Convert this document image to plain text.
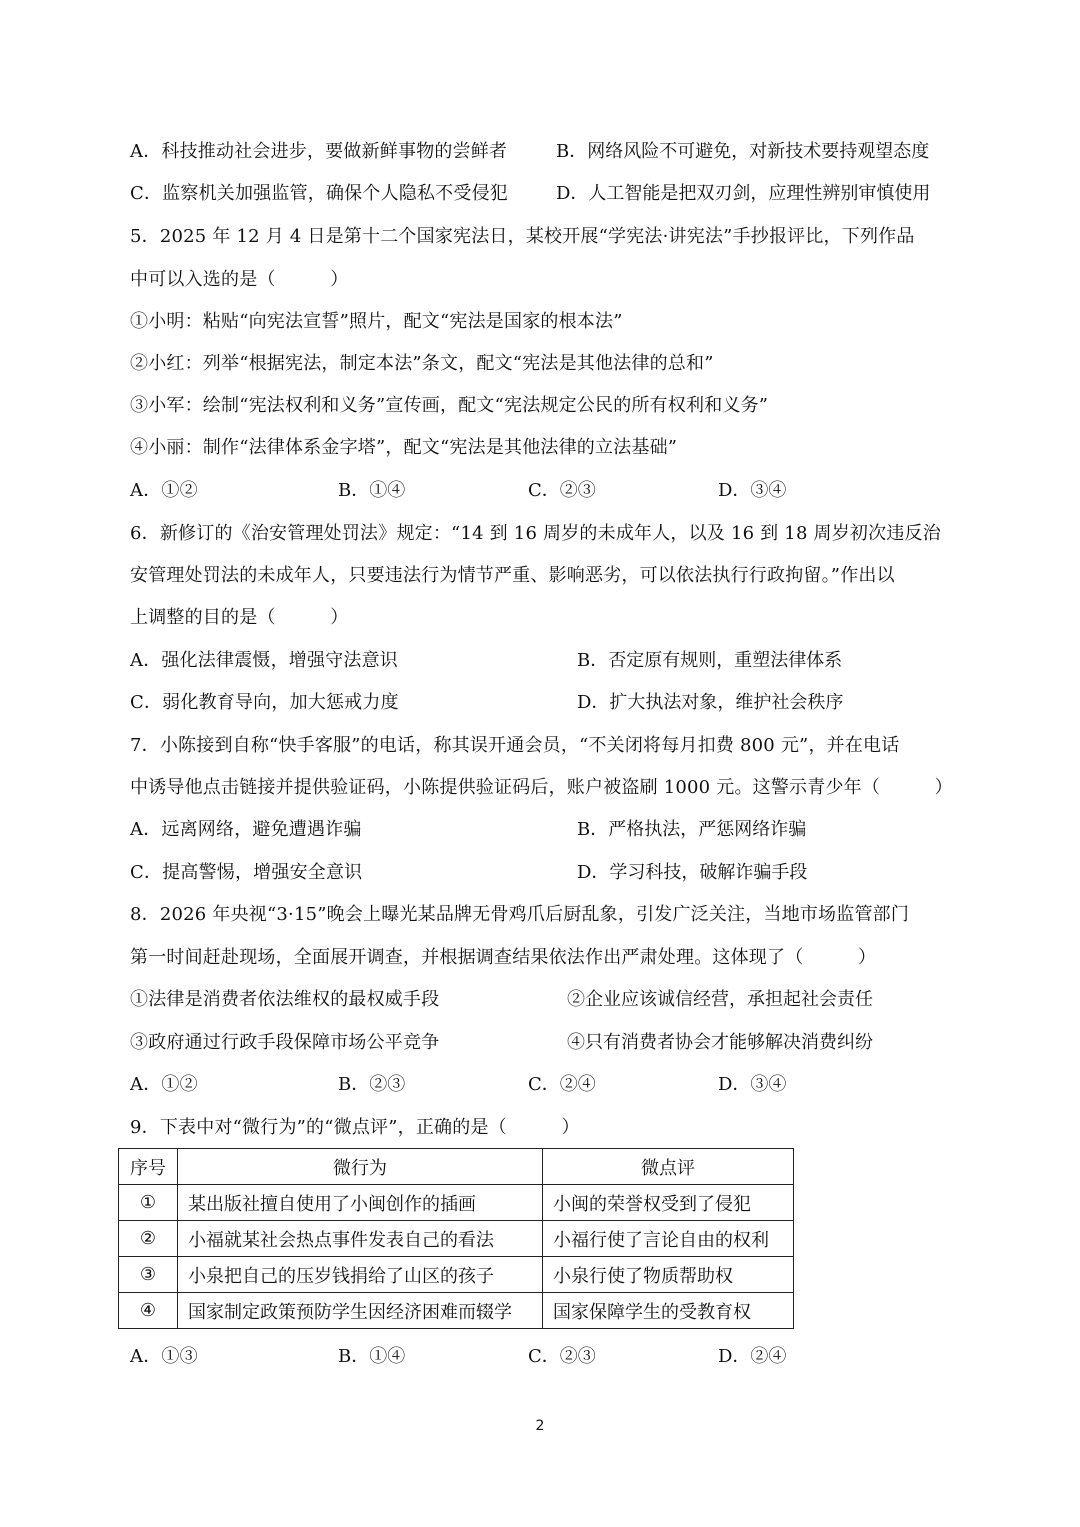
A．科技推动社会进步，要做新鲜事物的尝鲜者	B．网络风险不可避免，对新技术要持观望态度
C．监察机关加强监管，确保个人隐私不受侵犯	D．人工智能是把双刃剑，应理性辨别审慎使用
5．2025 年 12 月 4 日是第十二个国家宪法日，某校开展“学宪法·讲宪法”手抄报评比，下列作品
中可以入选的是（　　　）
①小明：粘贴“向宪法宣誓”照片，配文“宪法是国家的根本法”
②小红：列举“根据宪法，制定本法”条文，配文“宪法是其他法律的总和”
③小军：绘制“宪法权利和义务”宣传画，配文“宪法规定公民的所有权利和义务”
④小丽：制作“法律体系金字塔”，配文“宪法是其他法律的立法基础”
A．①②	B．①④	C．②③	D．③④
6．新修订的《治安管理处罚法》规定：“14 到 16 周岁的未成年人，以及 16 到 18 周岁初次违反治
安管理处罚法的未成年人，只要违法行为情节严重、影响恶劣，可以依法执行行政拘留。”作出以
上调整的目的是（　　　）
A．强化法律震慑，增强守法意识	B．否定原有规则，重塑法律体系
C．弱化教育导向，加大惩戒力度	D．扩大执法对象，维护社会秩序
7．小陈接到自称“快手客服”的电话，称其误开通会员，“不关闭将每月扣费 800 元”，并在电话
中诱导他点击链接并提供验证码，小陈提供验证码后，账户被盗刷 1000 元。这警示青少年（　　　）
A．远离网络，避免遭遇诈骗	B．严格执法，严惩网络诈骗
C．提高警惕，增强安全意识	D．学习科技，破解诈骗手段
8．2026 年央视“3·15”晚会上曝光某品牌无骨鸡爪后厨乱象，引发广泛关注，当地市场监管部门
第一时间赶赴现场，全面展开调查，并根据调查结果依法作出严肃处理。这体现了（　　　）
①法律是消费者依法维权的最权威手段	②企业应该诚信经营，承担起社会责任
③政府通过行政手段保障市场公平竞争	④只有消费者协会才能够解决消费纠纷
A．①②	B．②③	C．②④	D．③④
9．下表中对“微行为”的“微点评”，正确的是（　　　）
序号	微行为	微点评
①	某出版社擅自使用了小闽创作的插画	小闽的荣誉权受到了侵犯
②	小福就某社会热点事件发表自己的看法	小福行使了言论自由的权利
③	小泉把自己的压岁钱捐给了山区的孩子	小泉行使了物质帮助权
④	国家制定政策预防学生因经济困难而辍学	国家保障学生的受教育权
A．①③	B．①④	C．②③	D．②④
2
